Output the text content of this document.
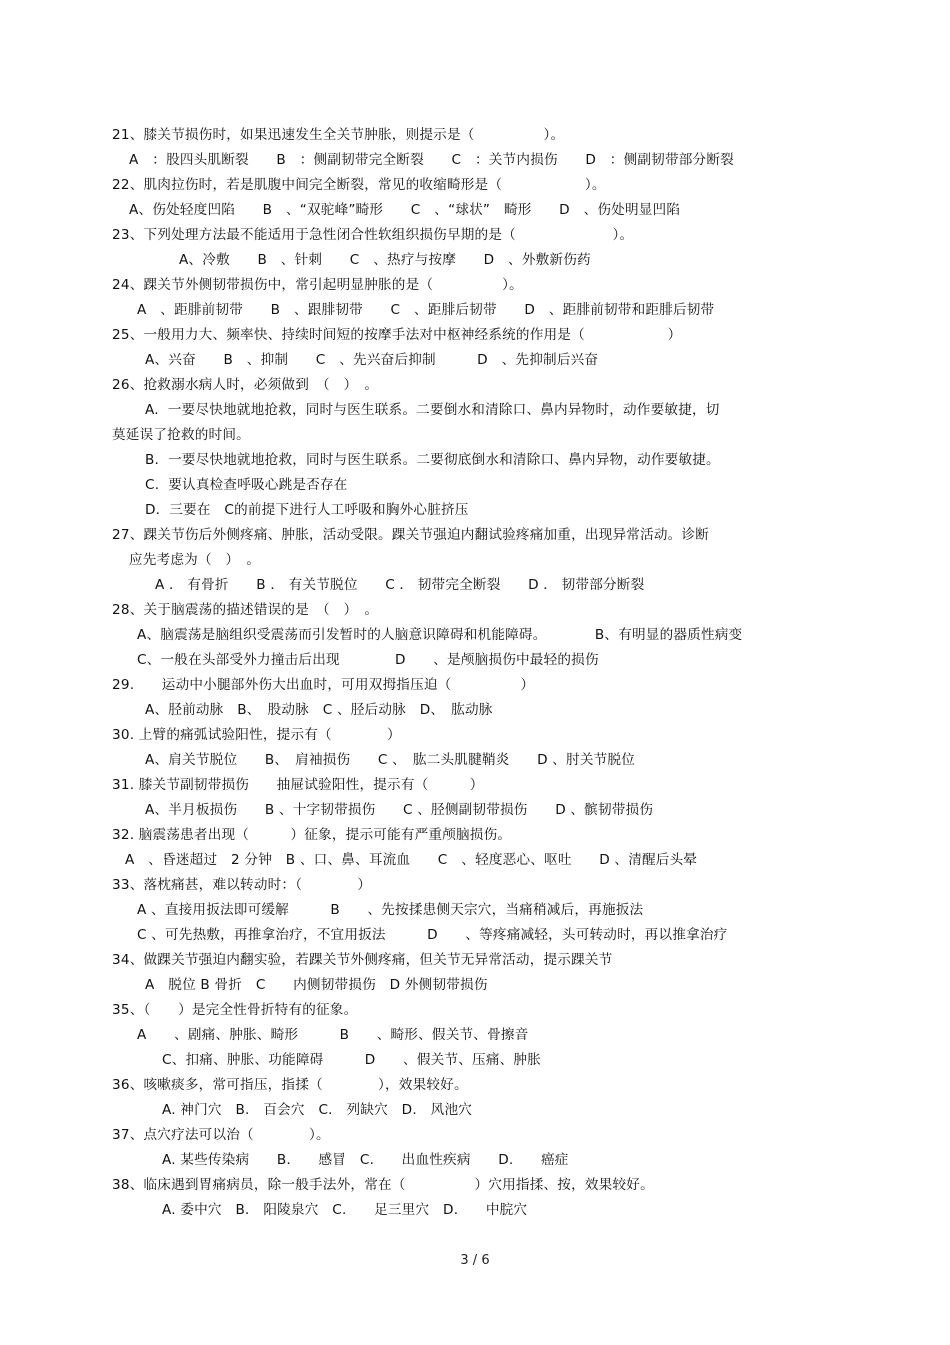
21、膝关节损伤时，如果迅速发生全关节肿胀，则提示是（　　　　　）。
A　：股四头肌断裂　　B　：侧副韧带完全断裂　　C　：关节内损伤　　D　：侧副韧带部分断裂
22、肌肉拉伤时，若是肌腹中间完全断裂，常见的收缩畸形是（　　　　　　）。
A、伤处轻度凹陷　　B　、“双驼峰”畸形　　C　、“球状”　畸形　　D　、伤处明显凹陷
23、下列处理方法最不能适用于急性闭合性软组织损伤早期的是（　　　　　　　）。
A、冷敷　　B　、针刺　　C　、热疗与按摩　　D　、外敷新伤药
24、踝关节外侧韧带损伤中，常引起明显肿胀的是（　　　　　）。
A　、距腓前韧带　　B　、跟腓韧带　　C　、距腓后韧带　　D　、距腓前韧带和距腓后韧带
25、一般用力大、频率快、持续时间短的按摩手法对中枢神经系统的作用是（　　　　　　）
A、兴奋　　B　、抑制　　C　、先兴奋后抑制　　　D　、先抑制后兴奋
26、抢救溺水病人时，必须做到　（　）　。
A.  一要尽快地就地抢救，同时与医生联系。二要倒水和清除口、鼻内异物时，动作要敏捷，切
莫延误了抢救的时间。
B.  一要尽快地就地抢救，同时与医生联系。二要彻底倒水和清除口、鼻内异物，动作要敏捷。
C.  要认真检查呼吸心跳是否存在
D.  三要在　C的前提下进行人工呼吸和胸外心脏挤压
27、踝关节伤后外侧疼痛、肿胀，活动受限。踝关节强迫内翻试验疼痛加重，出现异常活动。诊断
应先考虑为（　）　。
A ． 有骨折　　B ． 有关节脱位　　C ． 韧带完全断裂　　D ． 韧带部分断裂
28、关于脑震荡的描述错误的是　（　）　。
A、脑震荡是脑组织受震荡而引发暂时的人脑意识障碍和机能障碍。　　　　B、有明显的器质性病变
C、一般在头部受外力撞击后出现　　　　D　　、是颅脑损伤中最轻的损伤
29.　　运动中小腿部外伤大出血时，可用双拇指压迫（　　　　　）
A、胫前动脉　B、　股动脉　C 、胫后动脉　D、　肱动脉
30. 上臂的痛弧试验阳性，提示有（　　　　）
A、肩关节脱位　　B、　肩袖损伤　　C 、　肱二头肌腱鞘炎　　D 、肘关节脱位
31. 膝关节副韧带损伤　　抽屉试验阳性，提示有（　　　）
A、半月板损伤　　B 、十字韧带损伤　　C 、胫侧副韧带损伤　　D 、髌韧带损伤
32. 脑震荡患者出现（　　　）征象，提示可能有严重颅脑损伤。
A　、昏迷超过　2 分钟　B 、口、鼻、耳流血　　C　、轻度恶心、呕吐　　D 、清醒后头晕
33、落枕痛甚，难以转动时：（　　　　）
A 、直接用扳法即可缓解　　　B　　、先按揉患侧天宗穴，当痛稍减后，再施扳法
C 、可先热敷，再推拿治疗，不宜用扳法　　　D　　、等疼痛减轻，头可转动时，再以推拿治疗
34、做踝关节强迫内翻实验，若踝关节外侧疼痛，但关节无异常活动，提示踝关节
A　脱位 B 骨折　C　　内侧韧带损伤　D 外侧韧带损伤
35、（　　）是完全性骨折特有的征象。
A　　、剧痛、肿胀、畸形　　　B　　、畸形、假关节、骨擦音
C、扣痛、肿胀、功能障碍　　　D　　、假关节、压痛、肿胀
36、咳嗽痰多，常可指压，指揉（　　　　），效果较好。
A. 神门穴　B.　百会穴　C.　列缺穴　D.　风池穴
37、点穴疗法可以治（　　　　）。
A. 某些传染病　　B.　　感冒　C.　　出血性疾病　　D.　　癌症
38、临床遇到胃痛病员，除一般手法外，常在（　　　　　）穴用指揉、按，效果较好。
A. 委中穴　B.　阳陵泉穴　C.　　足三里穴　D.　　中脘穴
3 / 6
